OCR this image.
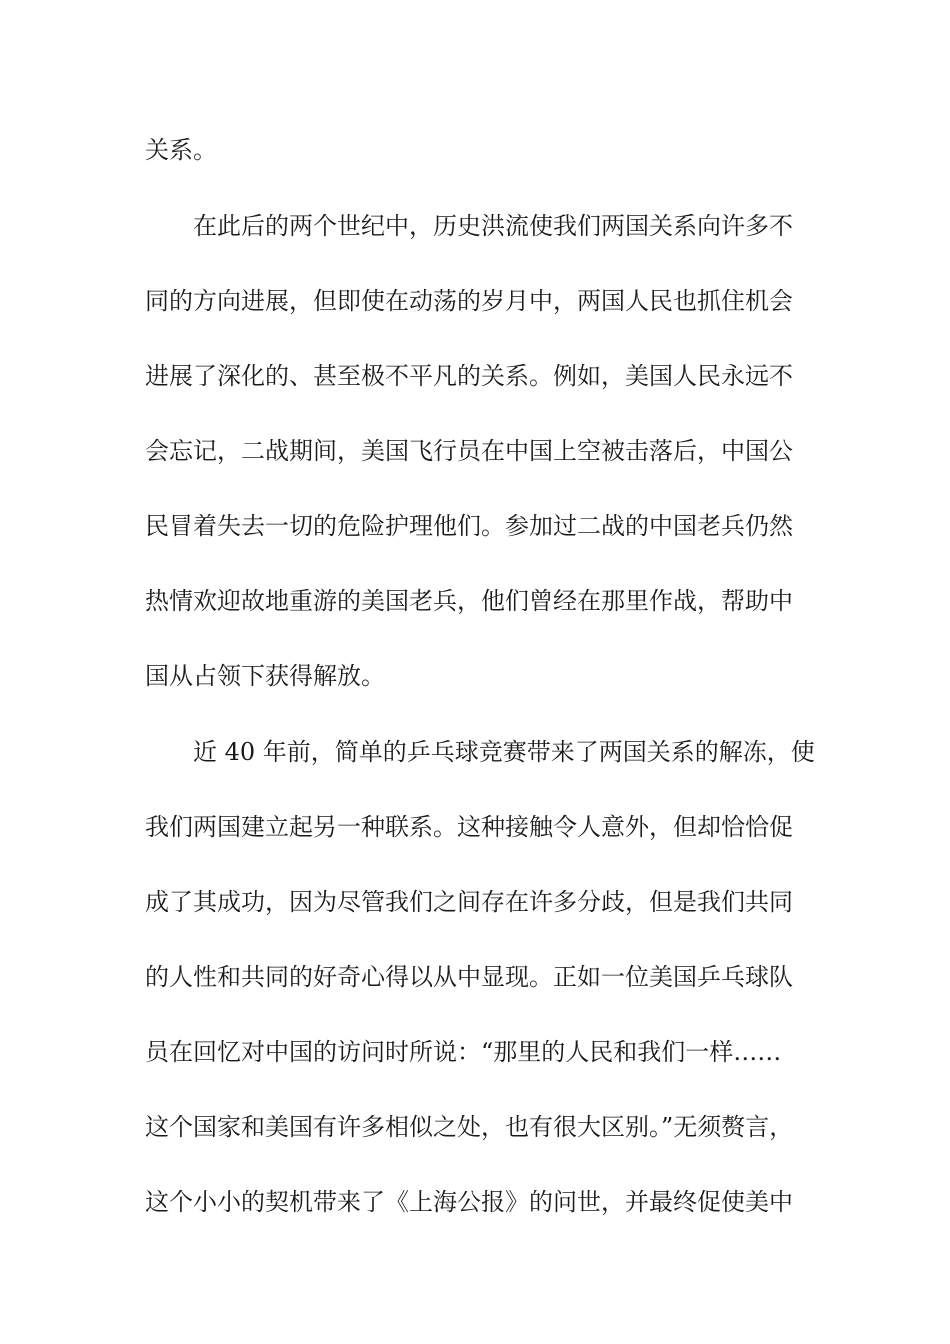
关系。
在此后的两个世纪中，历史洪流使我们两国关系向许多不
同的方向进展，但即使在动荡的岁月中，两国人民也抓住机会
进展了深化的、甚至极不平凡的关系。例如，美国人民永远不
会忘记，二战期间，美国飞行员在中国上空被击落后，中国公
民冒着失去一切的危险护理他们。参加过二战的中国老兵仍然
热情欢迎故地重游的美国老兵，他们曾经在那里作战，帮助中
国从占领下获得解放。
近 40 年前，简单的乒乓球竞赛带来了两国关系的解冻，使
我们两国建立起另一种联系。这种接触令人意外，但却恰恰促
成了其成功，因为尽管我们之间存在许多分歧，但是我们共同
的人性和共同的好奇心得以从中显现。正如一位美国乒乓球队
员在回忆对中国的访问时所说：“那里的人民和我们一样……
这个国家和美国有许多相似之处，也有很大区别。”无须赘言，
这个小小的契机带来了《上海公报》的问世，并最终促使美中
